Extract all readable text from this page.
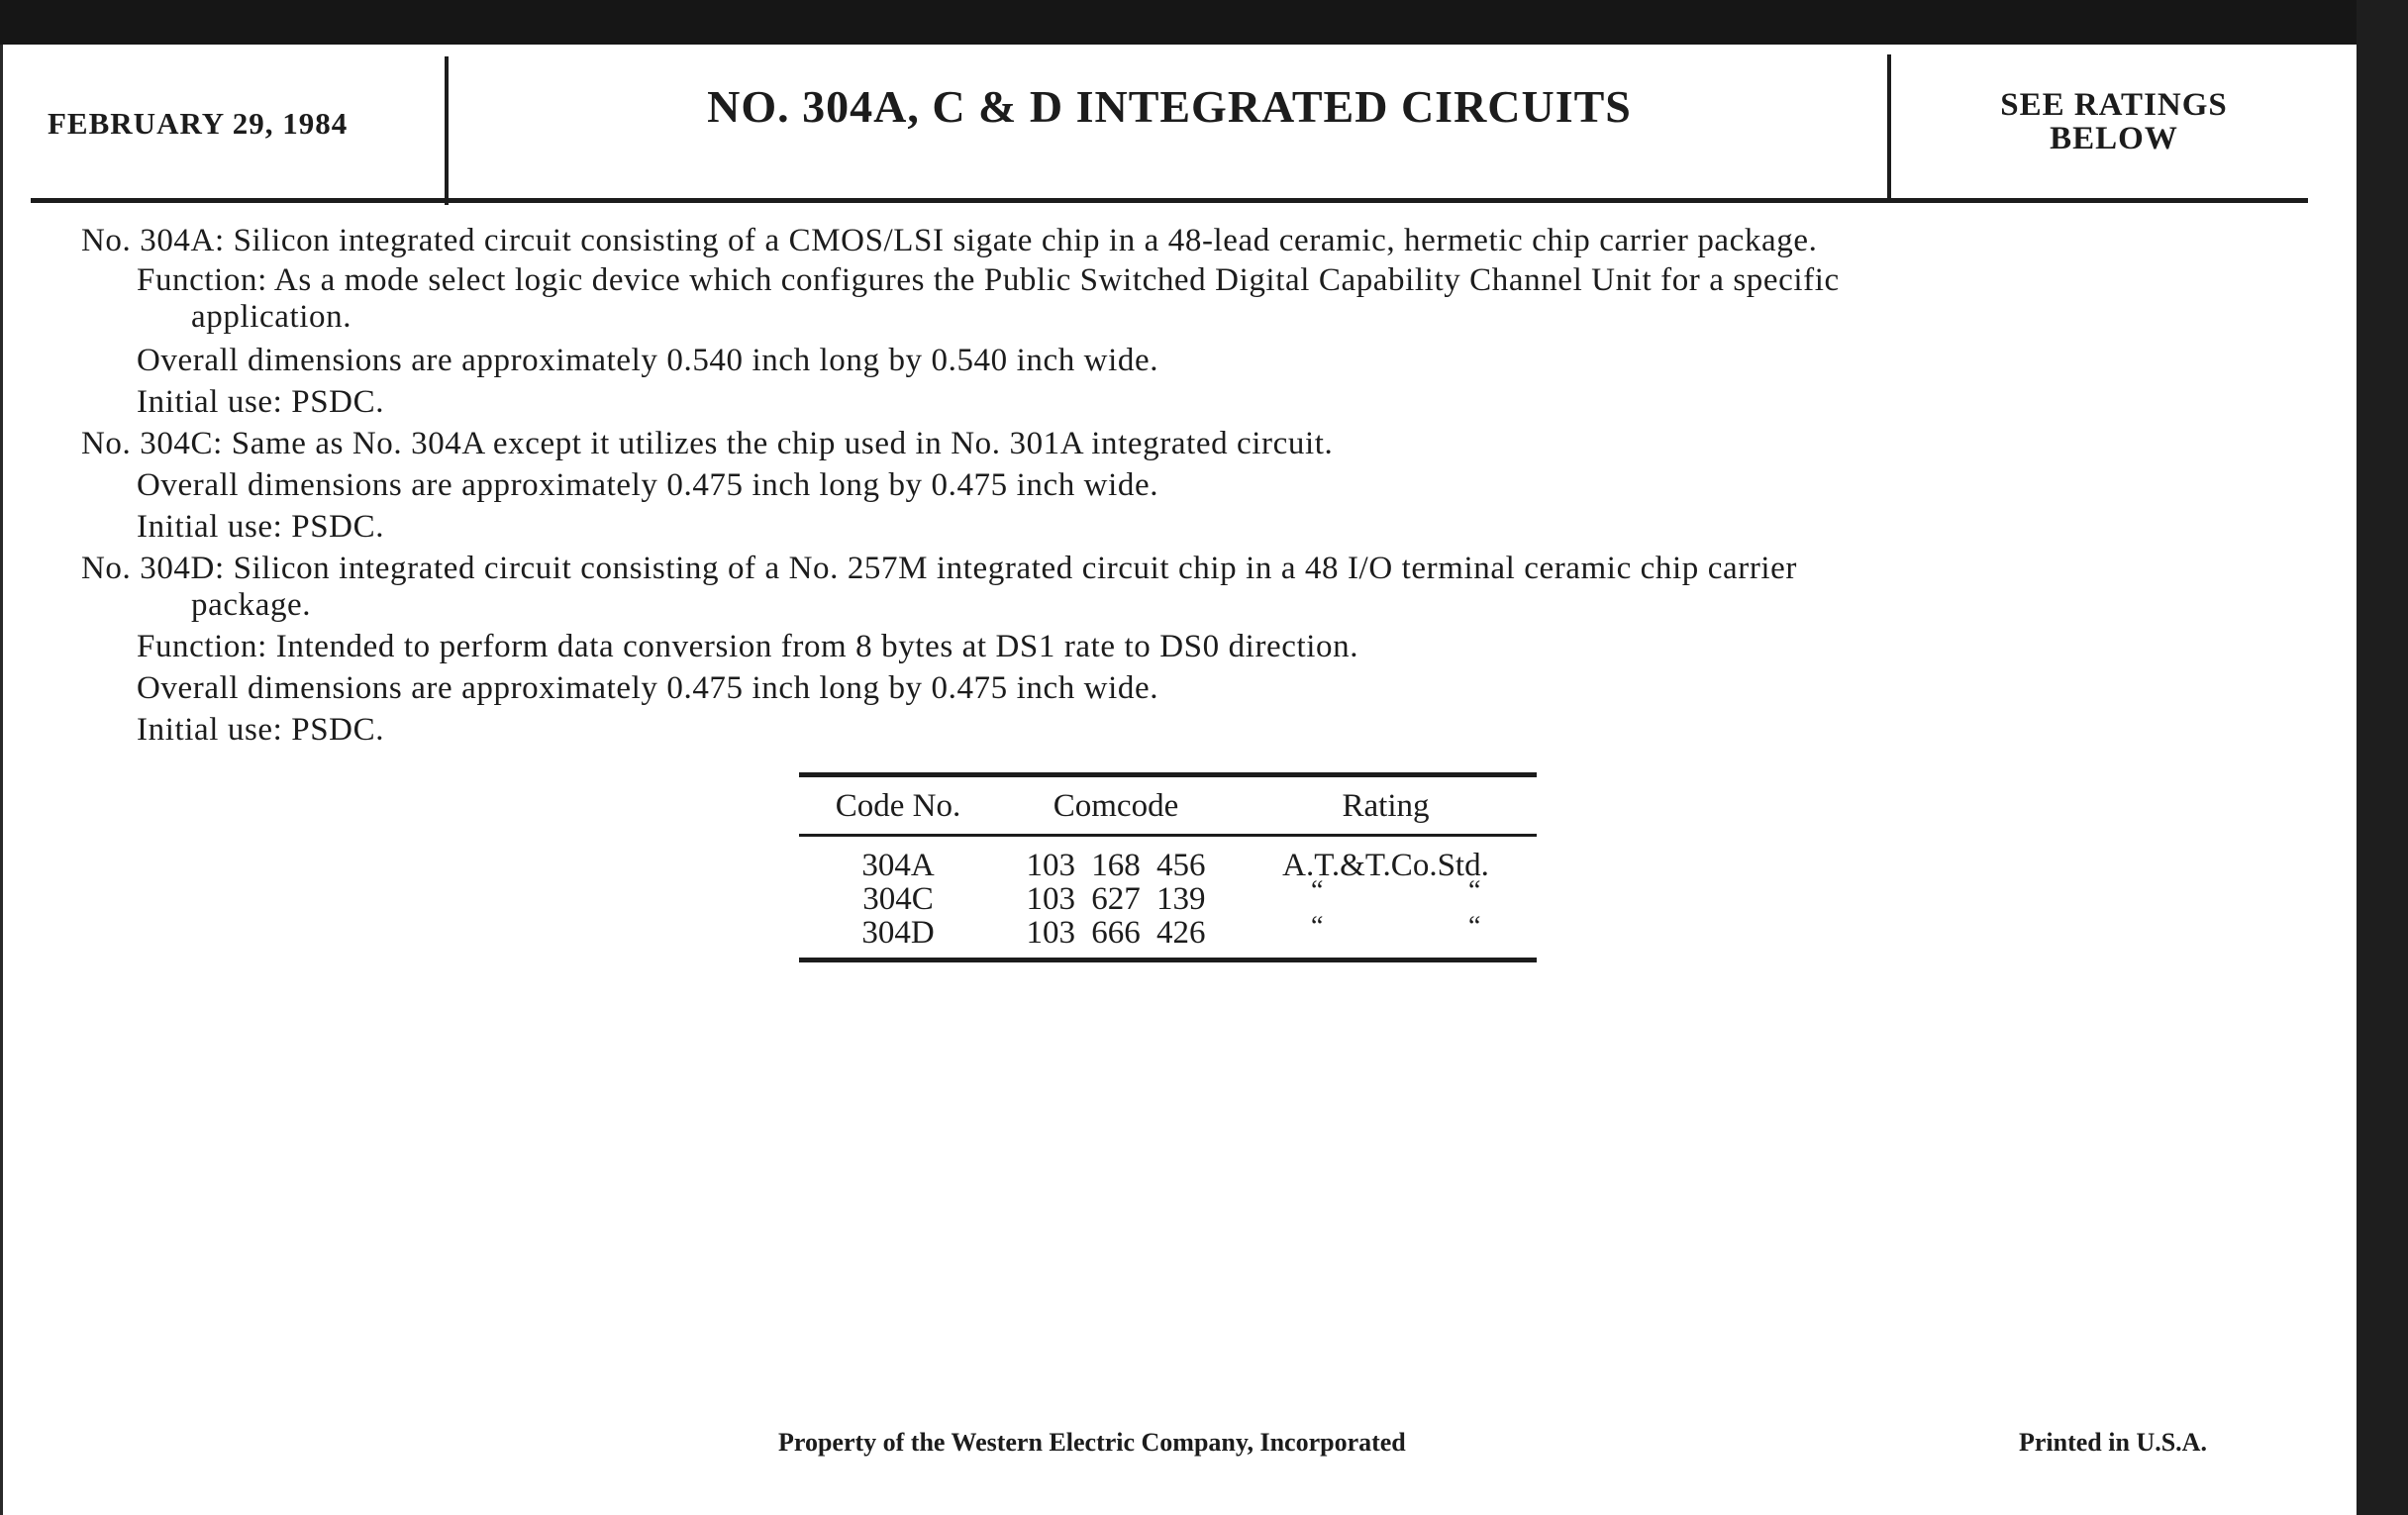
FEBRUARY 29, 1984	NO. 304A, C & D INTEGRATED CIRCUITS	SEE RATINGS
BELOW
No. 304A: Silicon integrated circuit consisting of a CMOS/LSI sigate chip in a 48-lead ceramic, hermetic chip carrier package.
Function: As a mode select logic device which configures the Public Switched Digital Capability Channel Unit for a specific
application.
Overall dimensions are approximately 0.540 inch long by 0.540 inch wide.
Initial use: PSDC.
No. 304C: Same as No. 304A except it utilizes the chip used in No. 301A integrated circuit.
Overall dimensions are approximately 0.475 inch long by 0.475 inch wide.
Initial use: PSDC.
No. 304D: Silicon integrated circuit consisting of a No. 257M integrated circuit chip in a 48 I/O terminal ceramic chip carrier
package.
Function: Intended to perform data conversion from 8 bytes at DS1 rate to DS0 direction.
Overall dimensions are approximately 0.475 inch long by 0.475 inch wide.
Initial use: PSDC.
Code No.	Comcode	Rating
304A	103 168 456	A.T.&T.Co.Std.
304C	103 627 139	“	“
304D	103 666 426	“	“
Property of the Western Electric Company, Incorporated	Printed in U.S.A.
